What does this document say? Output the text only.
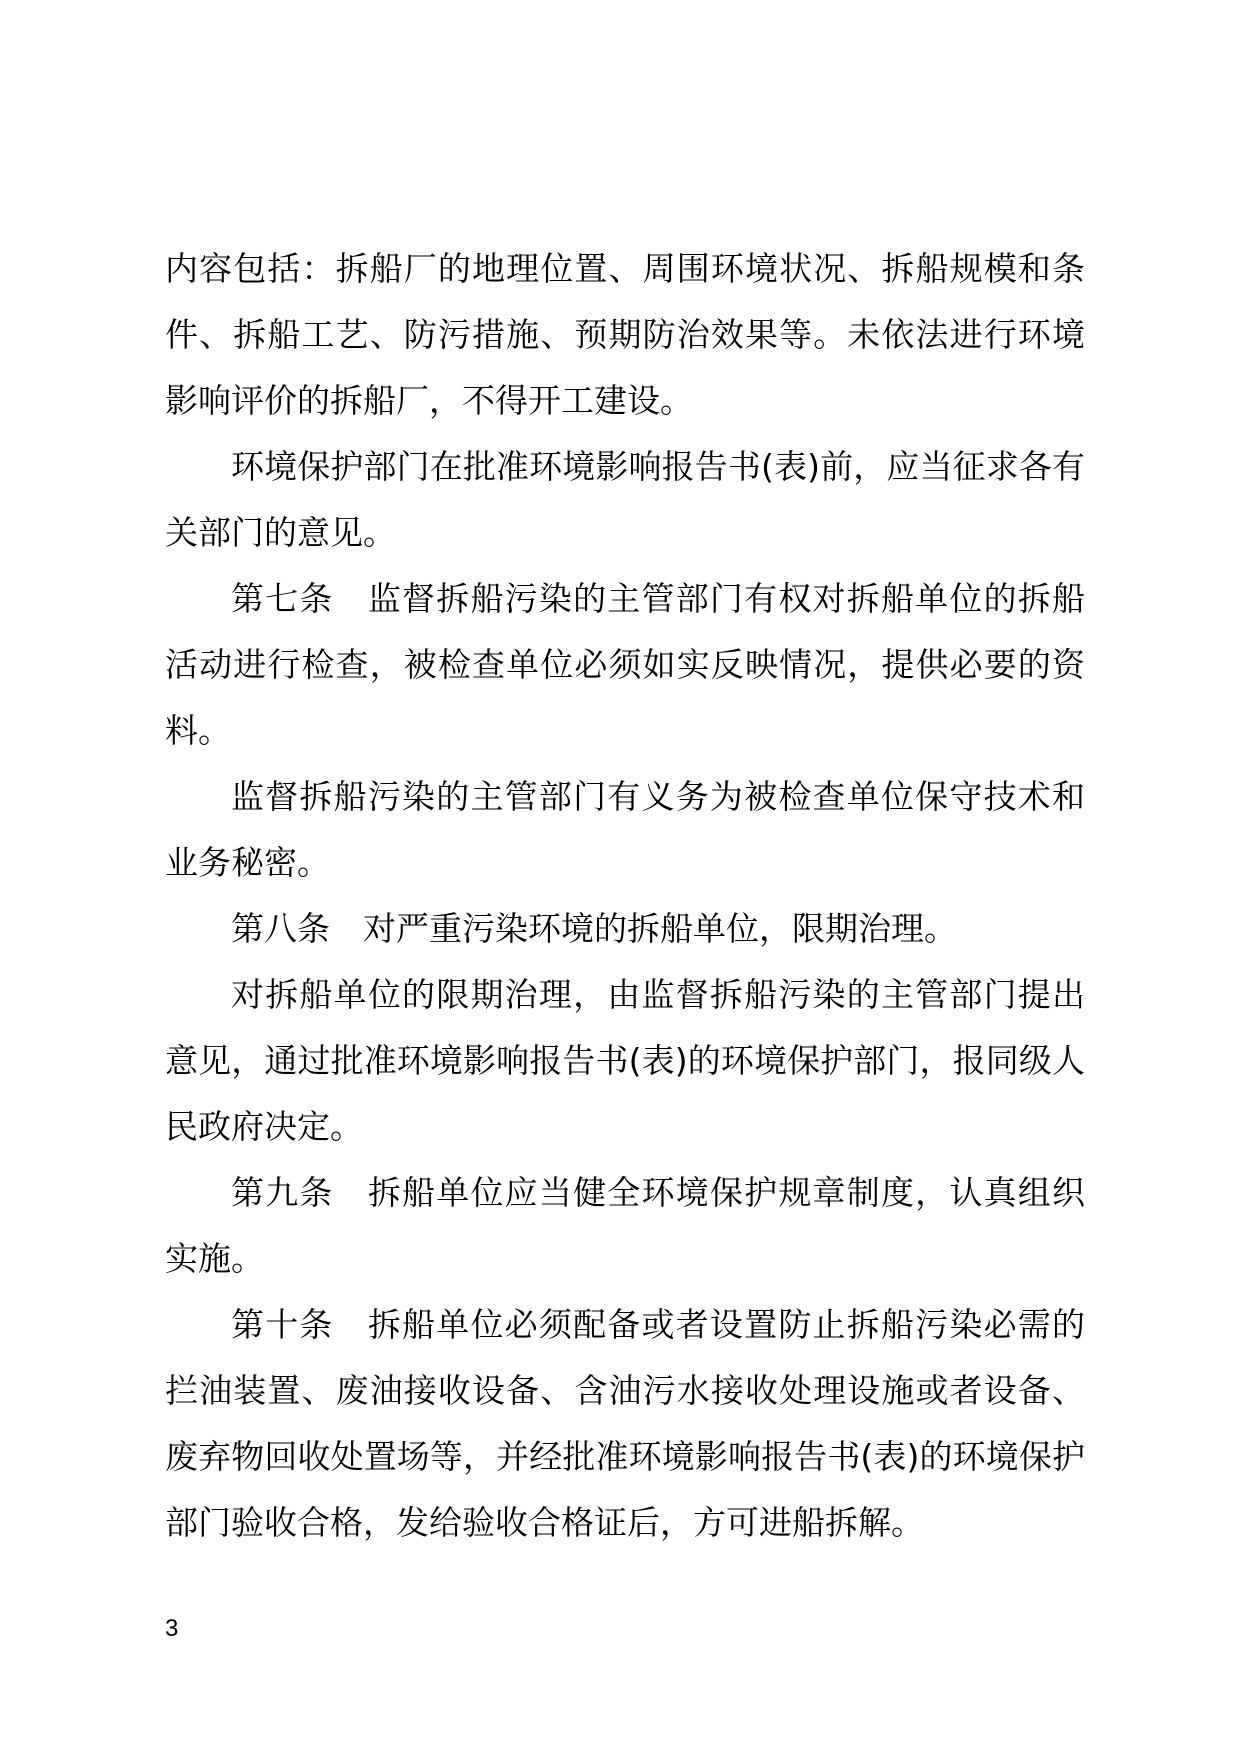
内容包括：拆船厂的地理位置、周围环境状况、拆船规模和条件、拆船工艺、防污措施、预期防治效果等。未依法进行环境影响评价的拆船厂，不得开工建设。

环境保护部门在批准环境影响报告书(表)前，应当征求各有关部门的意见。

第七条　监督拆船污染的主管部门有权对拆船单位的拆船活动进行检查，被检查单位必须如实反映情况，提供必要的资料。

监督拆船污染的主管部门有义务为被检查单位保守技术和业务秘密。

第八条　对严重污染环境的拆船单位，限期治理。

对拆船单位的限期治理，由监督拆船污染的主管部门提出意见，通过批准环境影响报告书(表)的环境保护部门，报同级人民政府决定。

第九条　拆船单位应当健全环境保护规章制度，认真组织实施。

第十条　拆船单位必须配备或者设置防止拆船污染必需的拦油装置、废油接收设备、含油污水接收处理设施或者设备、废弃物回收处置场等，并经批准环境影响报告书(表)的环境保护部门验收合格，发给验收合格证后，方可进船拆解。

3
